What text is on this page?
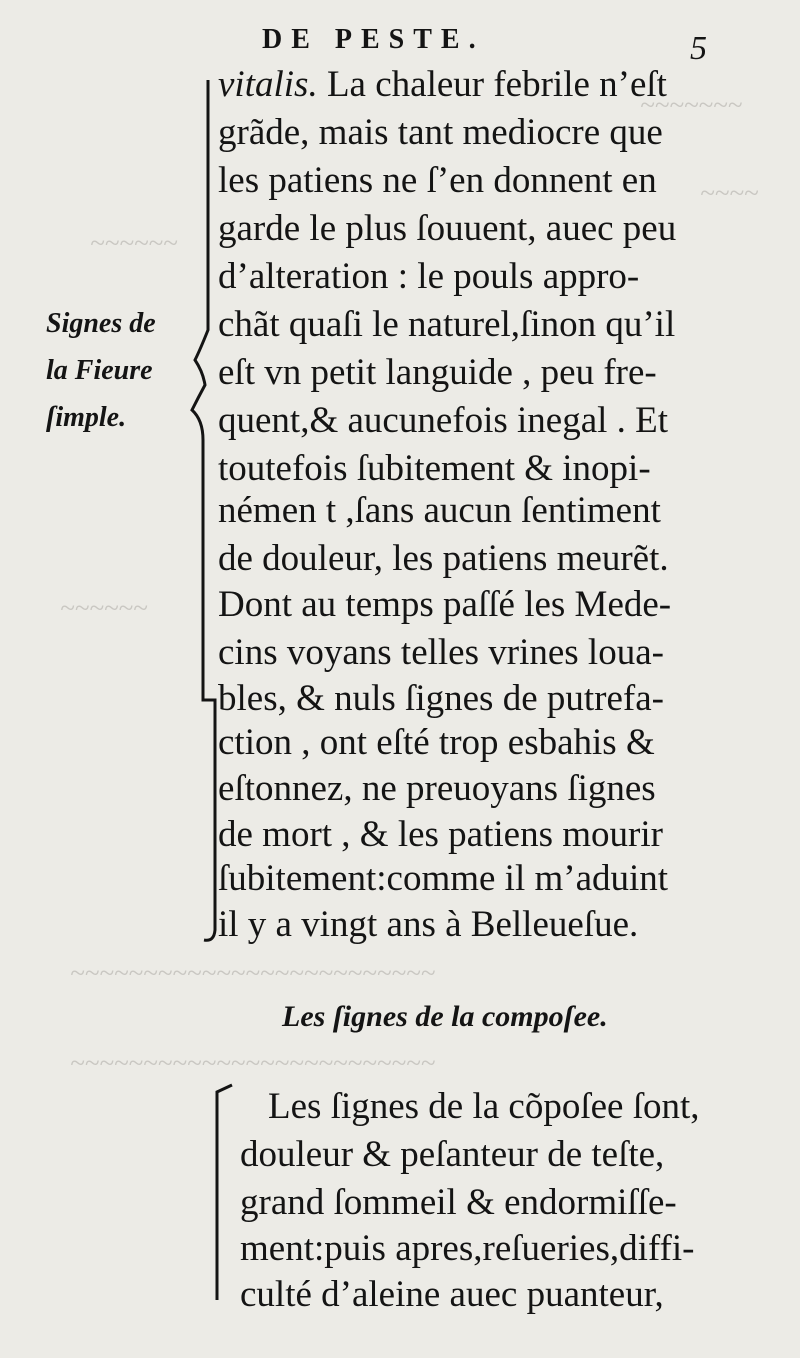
~~~~~~~
~~~~
~~~~~~
~~~~~~
~~~~~~~~~~~~~~~~~~~~~~~~~
~~~~~~~~~~~~~~~~~~~~~~~~~
DE PESTE.	5
Signes de
la Fieure
ſimple.
vitalis. La chaleur febrile n’eſt
grãde, mais tant mediocre que
les patiens ne ſ’en donnent en
garde le plus ſouuent, auec peu
d’alteration : le pouls appro-
chãt quaſi le naturel,ſinon qu’il
eſt vn petit languide , peu fre-
quent,& aucunefois inegal . Et
toutefois ſubitement & inopi-
némen t ,ſans aucun ſentiment
de douleur, les patiens meurẽt.
Dont au temps paſſé les Mede-
cins voyans telles vrines loua-
bles, & nuls ſignes de putrefa-
ction , ont eſté trop esbahis &
eſtonnez, ne preuoyans ſignes
de mort , & les patiens mourir
ſubitement:comme il m’aduint
il y a vingt ans à Belleueſue.
Les ſignes de la compoſee.
Les ſignes de la cõpoſee ſont,
douleur & peſanteur de teſte,
grand ſommeil & endormiſſe-
ment:puis apres,reſueries,diffi-
culté d’aleine auec puanteur,
